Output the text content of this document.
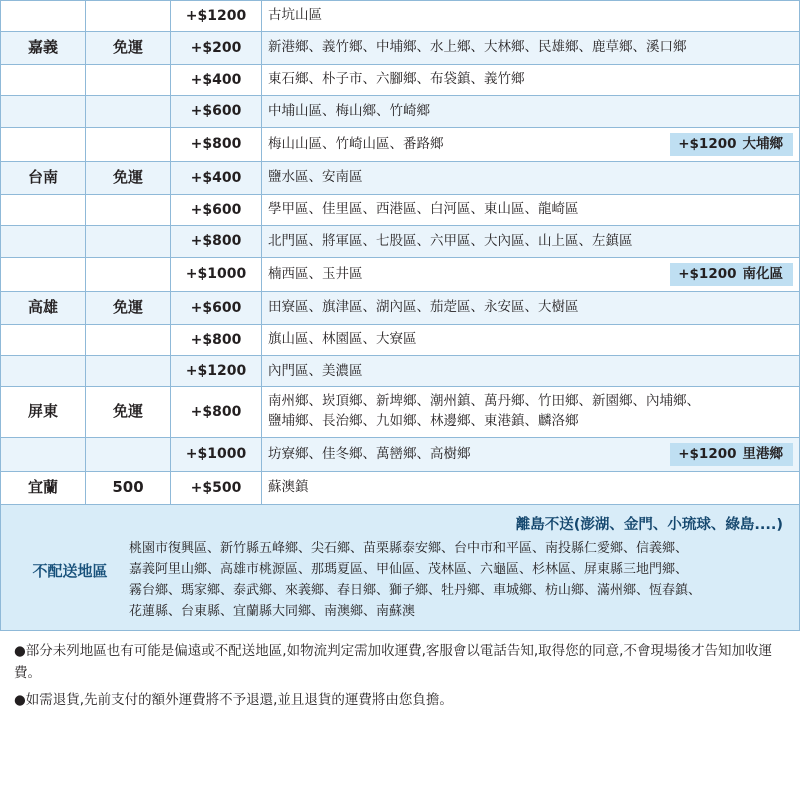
		+$1200	古坑山區

嘉義	免運	+$200	新港鄉、義竹鄉、中埔鄉、水上鄉、大林鄉、民雄鄉、鹿草鄉、溪口鄉

		+$400	東石鄉、朴子市、六腳鄉、布袋鎮、義竹鄉

		+$600	中埔山區、梅山鄉、竹崎鄉

		+$800	梅山山區、竹崎山區、番路鄉 +$1200 大埔鄉

台南	免運	+$400	鹽水區、安南區

		+$600	學甲區、佳里區、西港區、白河區、東山區、龍崎區

		+$800	北門區、將軍區、七股區、六甲區、大內區、山上區、左鎮區

		+$1000	楠西區、玉井區 +$1200 南化區

高雄	免運	+$600	田寮區、旗津區、湖內區、茄萣區、永安區、大樹區

		+$800	旗山區、林園區、大寮區

		+$1200	內門區、美濃區

屏東	免運	+$800	南州鄉、崁頂鄉、新埤鄉、潮州鎮、萬丹鄉、竹田鄉、新園鄉、內埔鄉、
鹽埔鄉、長治鄉、九如鄉、林邊鄉、東港鎮、麟洛鄉

		+$1000	坊寮鄉、佳冬鄉、萬巒鄉、高樹鄉 +$1200 里港鄉

宜蘭	500	+$500	蘇澳鎮
離島不送(澎湖、金門、小琉球、綠島....)
不配送地區
桃園市復興區、新竹縣五峰鄉、尖石鄉、苗栗縣泰安鄉、台中市和平區、南投縣仁愛鄉、信義鄉、
嘉義阿里山鄉、高雄市桃源區、那瑪夏區、甲仙區、茂林區、六龜區、杉林區、屏東縣三地門鄉、
霧台鄉、瑪家鄉、泰武鄉、來義鄉、春日鄉、獅子鄉、牡丹鄉、車城鄉、枋山鄉、滿州鄉、恆春鎮、
花蓮縣、台東縣、宜蘭縣大同鄉、南澳鄉、南蘇澳

●部分未列地區也有可能是偏遠或不配送地區,如物流判定需加收運費,客服會以電話告知,取得您的同意,不會現場後才告知加收運費。

●如需退貨,先前支付的額外運費將不予退還,並且退貨的運費將由您負擔。
